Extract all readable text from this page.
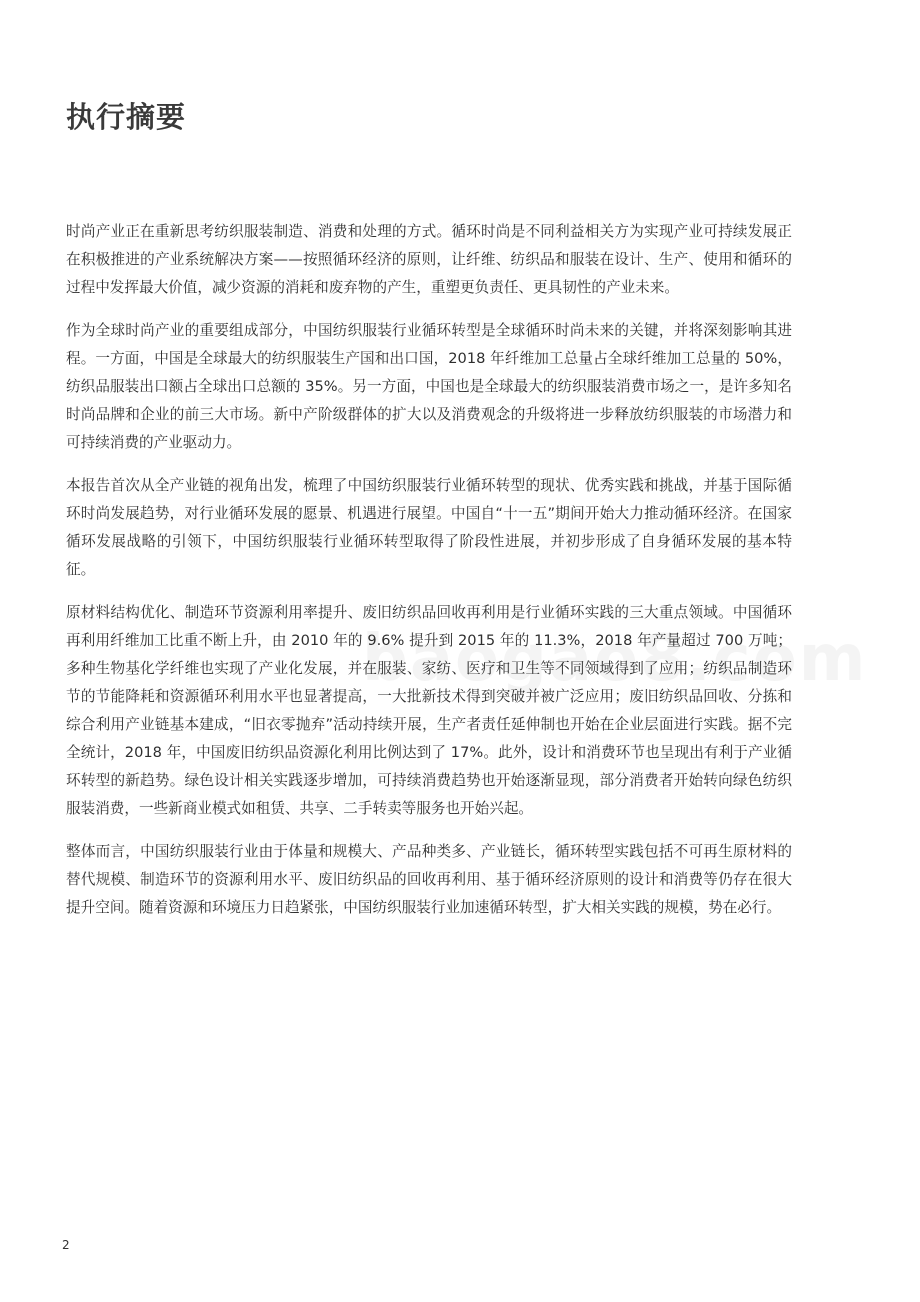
执行摘要

时尚产业正在重新思考纺织服装制造、消费和处理的方式。循环时尚是不同利益相关方为实现产业可持续发展正在积极推进的产业系统解决方案——按照循环经济的原则，让纤维、纺织品和服装在设计、生产、使用和循环的过程中发挥最大价值，减少资源的消耗和废弃物的产生，重塑更负责任、更具韧性的产业未来。

作为全球时尚产业的重要组成部分，中国纺织服装行业循环转型是全球循环时尚未来的关键，并将深刻影响其进程。一方面，中国是全球最大的纺织服装生产国和出口国，2018 年纤维加工总量占全球纤维加工总量的 50%，纺织品服装出口额占全球出口总额的 35%。另一方面，中国也是全球最大的纺织服装消费市场之一，是许多知名时尚品牌和企业的前三大市场。新中产阶级群体的扩大以及消费观念的升级将进一步释放纺织服装的市场潜力和可持续消费的产业驱动力。

本报告首次从全产业链的视角出发，梳理了中国纺织服装行业循环转型的现状、优秀实践和挑战，并基于国际循环时尚发展趋势，对行业循环发展的愿景、机遇进行展望。中国自“十一五”期间开始大力推动循环经济。在国家循环发展战略的引领下，中国纺织服装行业循环转型取得了阶段性进展，并初步形成了自身循环发展的基本特征。

原材料结构优化、制造环节资源利用率提升、废旧纺织品回收再利用是行业循环实践的三大重点领域。中国循环再利用纤维加工比重不断上升，由 2010 年的 9.6% 提升到 2015 年的 11.3%，2018 年产量超过 700 万吨；多种生物基化学纤维也实现了产业化发展，并在服装、家纺、医疗和卫生等不同领域得到了应用；纺织品制造环节的节能降耗和资源循环利用水平也显著提高，一大批新技术得到突破并被广泛应用；废旧纺织品回收、分拣和综合利用产业链基本建成，“旧衣零抛弃”活动持续开展，生产者责任延伸制也开始在企业层面进行实践。据不完全统计，2018 年，中国废旧纺织品资源化利用比例达到了 17%。此外，设计和消费环节也呈现出有利于产业循环转型的新趋势。绿色设计相关实践逐步增加，可持续消费趋势也开始逐渐显现，部分消费者开始转向绿色纺织服装消费，一些新商业模式如租赁、共享、二手转卖等服务也开始兴起。

整体而言，中国纺织服装行业由于体量和规模大、产品种类多、产业链长，循环转型实践包括不可再生原材料的替代规模、制造环节的资源利用水平、废旧纺织品的回收再利用、基于循环经济原则的设计和消费等仍存在很大提升空间。随着资源和环境压力日趋紧张，中国纺织服装行业加速循环转型，扩大相关实践的规模，势在必行。

2
